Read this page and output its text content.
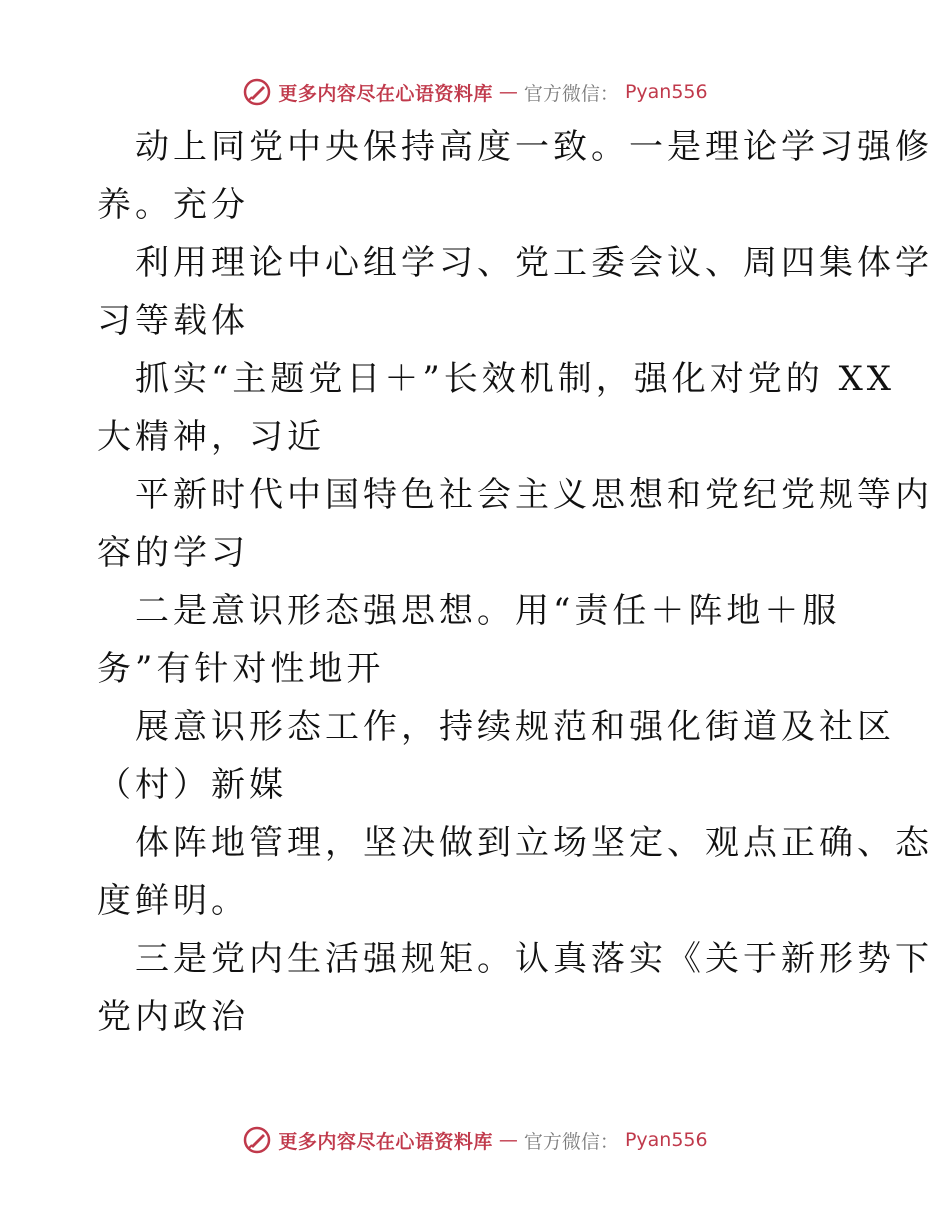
更多内容尽在心语资料库 — 官方微信： Pyan556
动上同党中央保持高度一致。一是理论学习强修
养。充分
利用理论中心组学习、党工委会议、周四集体学
习等载体
抓实“主题党日＋”长效机制，强化对党的 XX
大精神，习近
平新时代中国特色社会主义思想和党纪党规等内
容的学习
二是意识形态强思想。用“责任＋阵地＋服
务”有针对性地开
展意识形态工作，持续规范和强化街道及社区
（村）新媒
体阵地管理，坚决做到立场坚定、观点正确、态
度鲜明。
三是党内生活强规矩。认真落实《关于新形势下
党内政治
更多内容尽在心语资料库 — 官方微信： Pyan556
